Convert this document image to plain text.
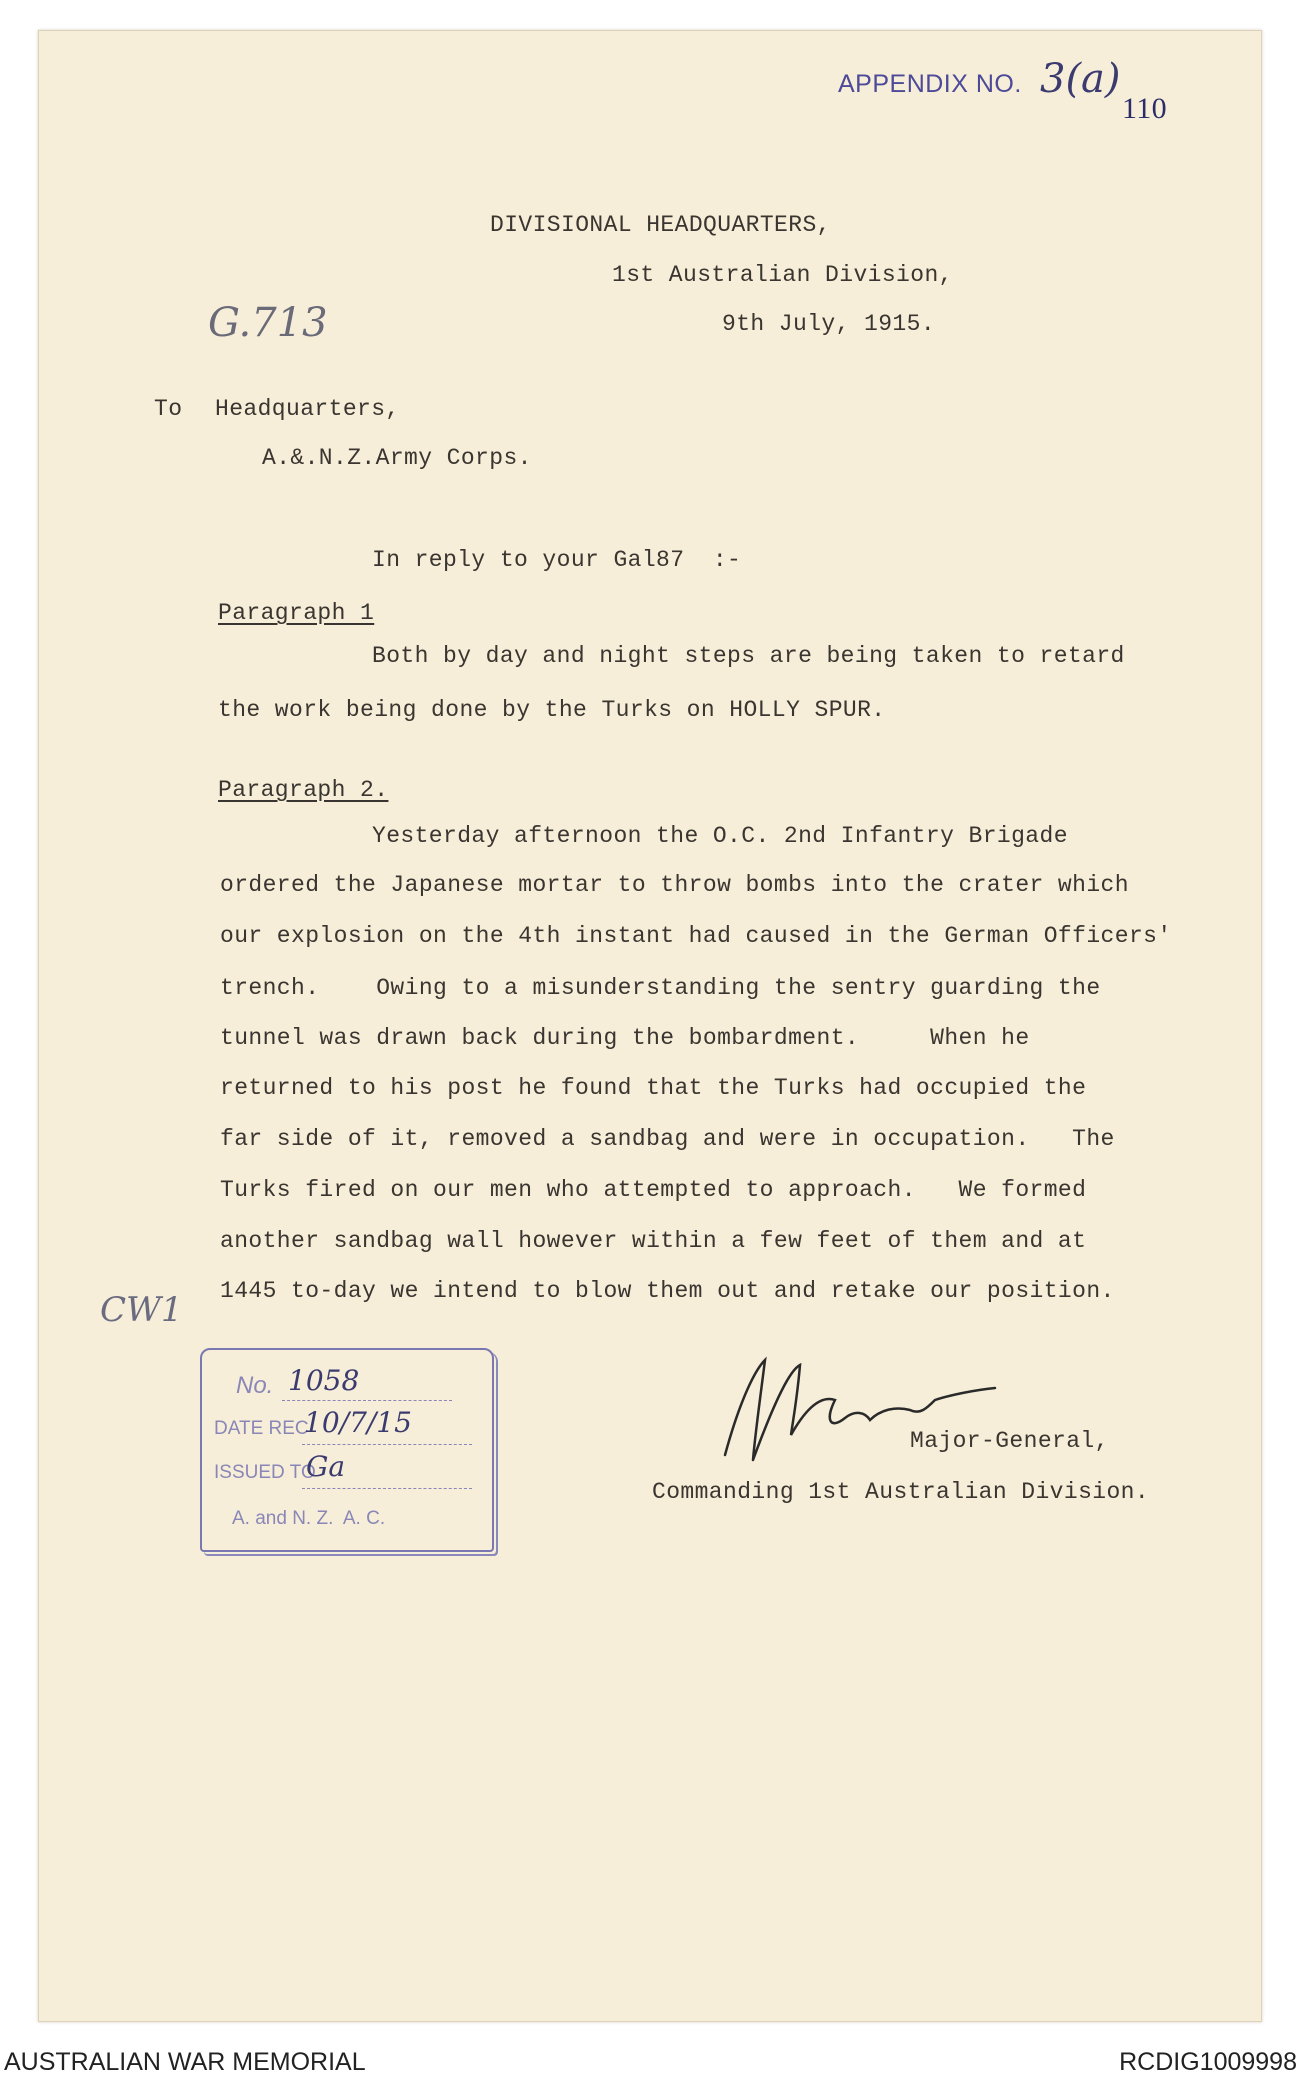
APPENDIX NO. 3(a)
110
DIVISIONAL HEADQUARTERS,
1st Australian Division,
9th July, 1915.
G.713
To Headquarters,
A.&.N.Z.Army Corps.
In reply to your Gal87  :-
Paragraph 1
Both by day and night steps are being taken to retard
the work being done by the Turks on HOLLY SPUR.
Paragraph 2.
Yesterday afternoon the O.C. 2nd Infantry Brigade
ordered the Japanese mortar to throw bombs into the crater which
our explosion on the 4th instant had caused in the German Officers'
trench.    Owing to a misunderstanding the sentry guarding the
tunnel was drawn back during the bombardment.     When he
returned to his post he found that the Turks had occupied the
far side of it, removed a sandbag and were in occupation.   The
Turks fired on our men who attempted to approach.   We formed
another sandbag wall however within a few feet of them and at
1445 to-day we intend to blow them out and retake our position.
CW1
Major-General,
Commanding 1st Australian Division.
No. 1058
DATE REC
10/7/15
ISSUED TO
Ga
A. and N. Z.  A. C.
AUSTRALIAN WAR MEMORIAL	RCDIG1009998
